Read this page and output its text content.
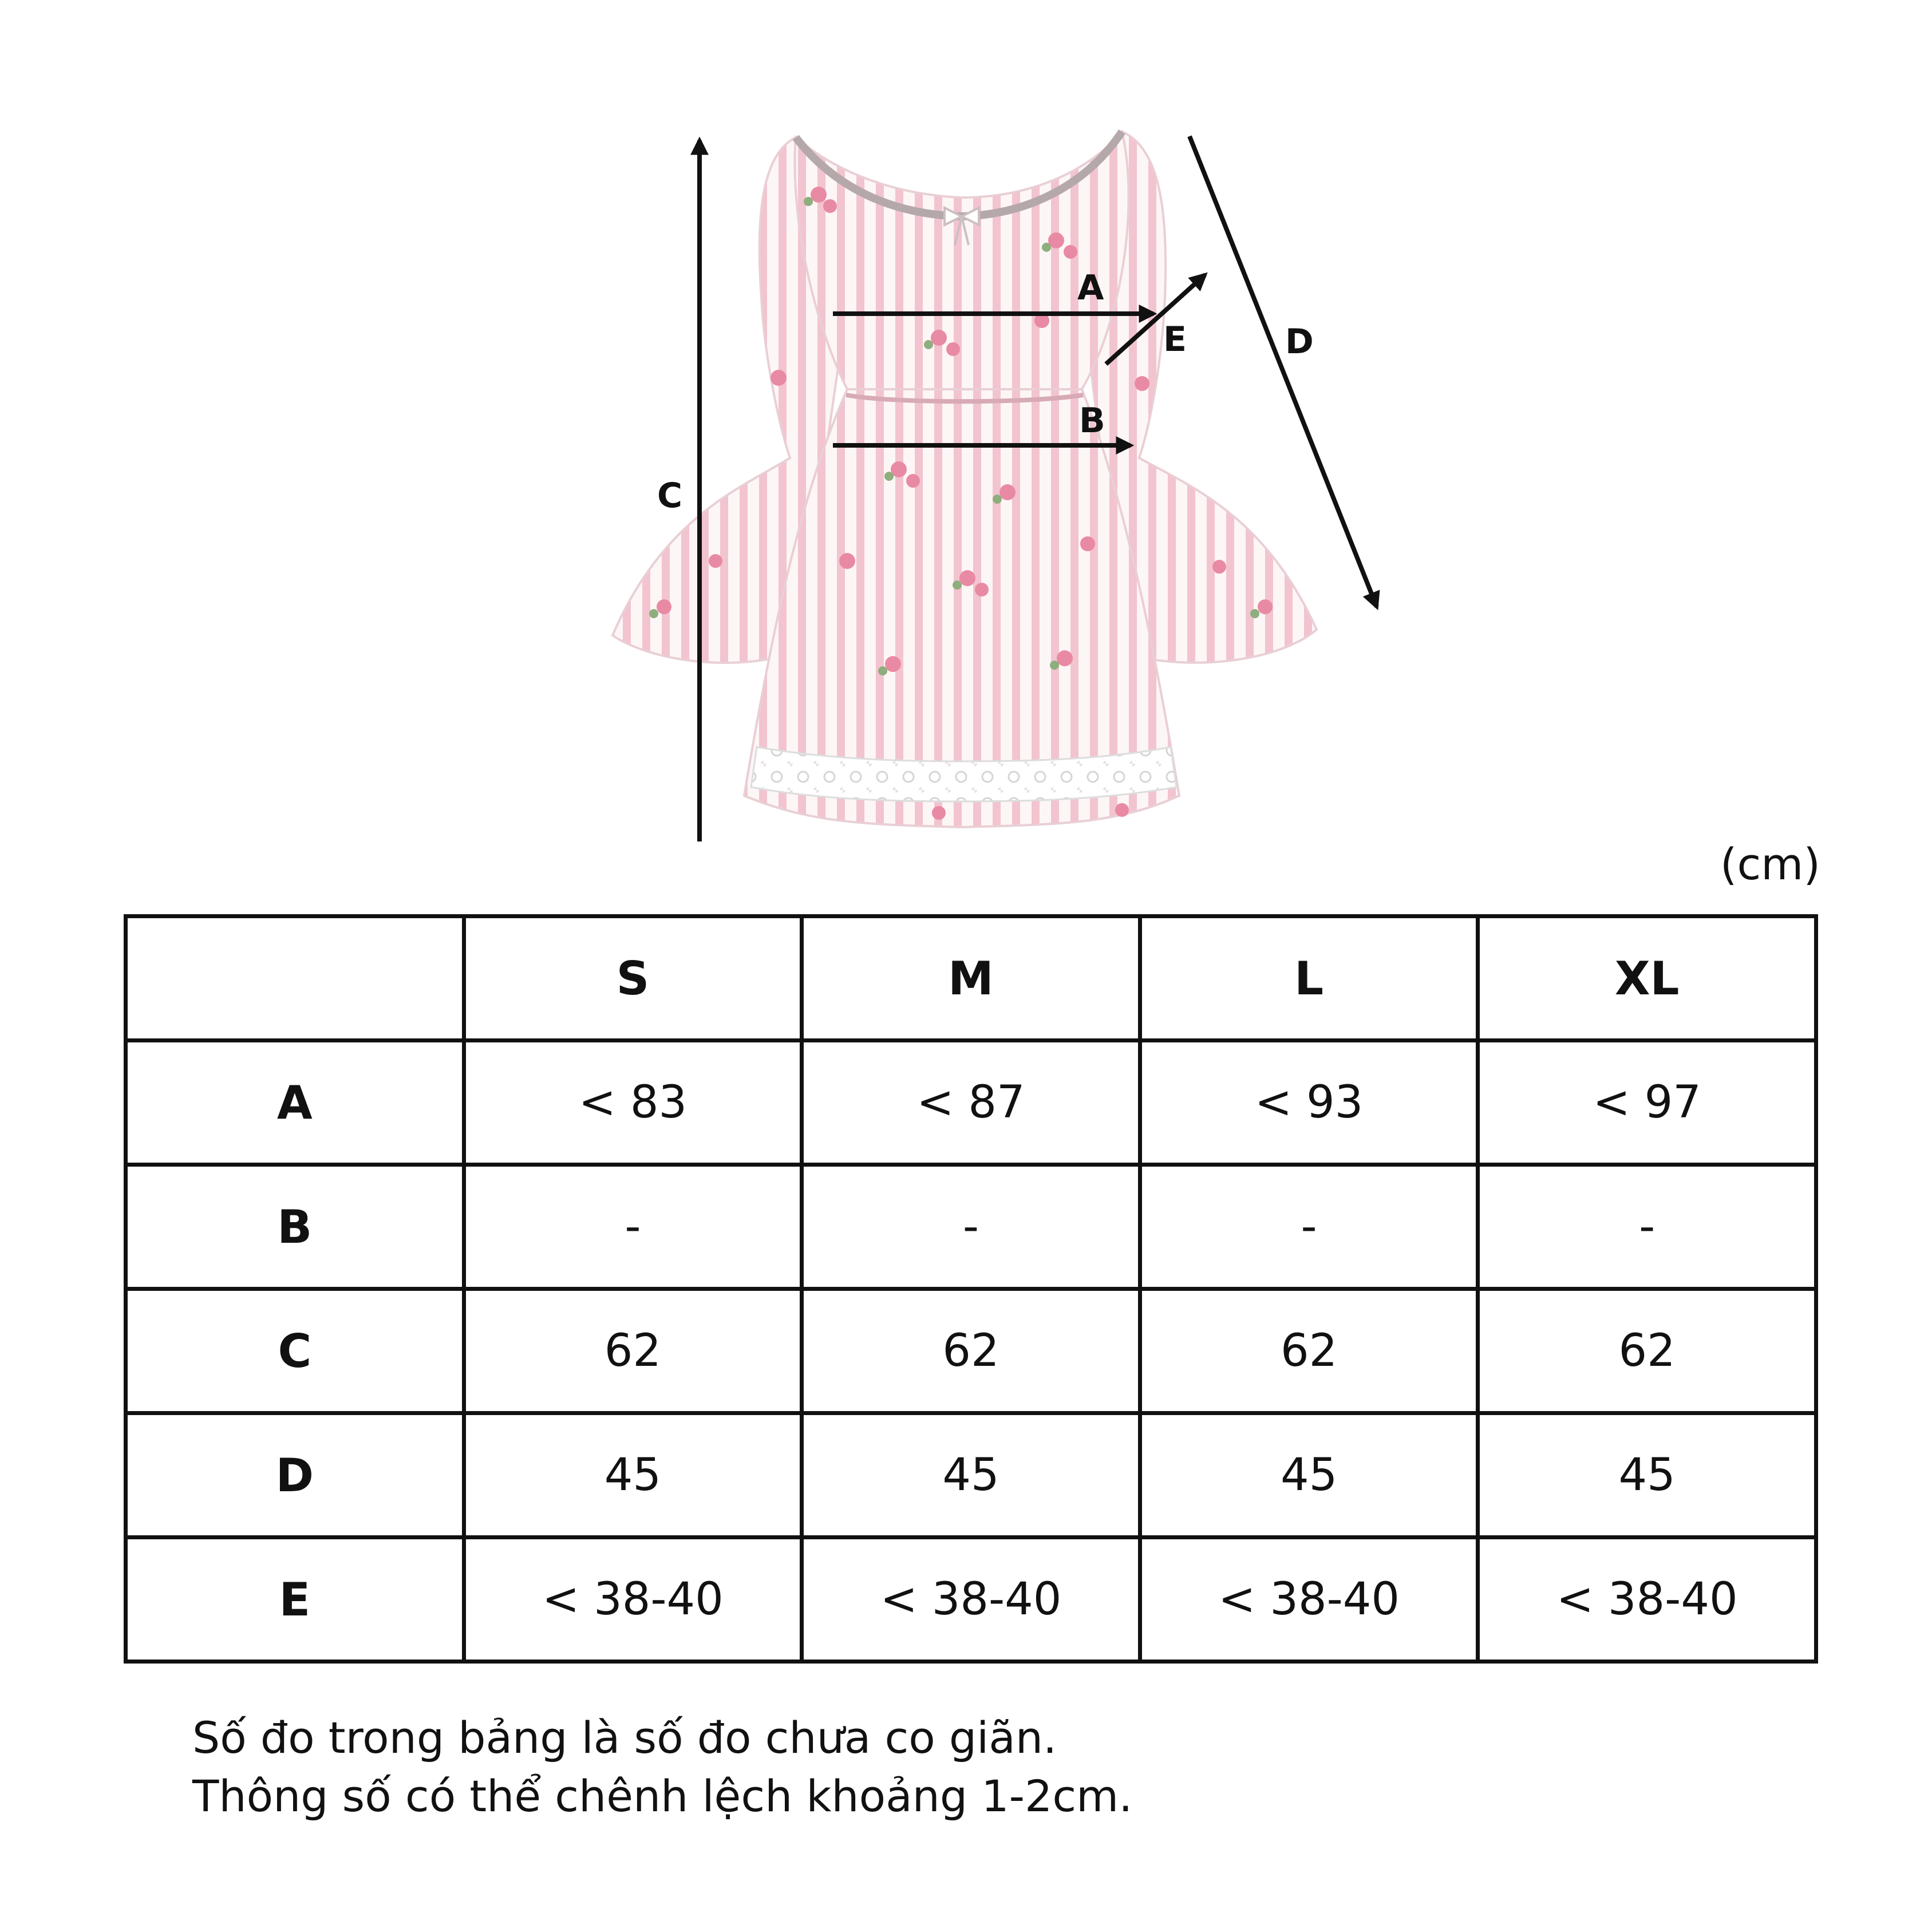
A
B
C
D
E
(cm)
	S	M	L	XL
A	< 83	< 87	< 93	< 97
B	-	-	-	-
C	62	62	62	62
D	45	45	45	45
E	< 38-40	< 38-40	< 38-40	< 38-40
Số đo trong bảng là số đo chưa co giãn.
Thông số có thể chênh lệch khoảng 1-2cm.
